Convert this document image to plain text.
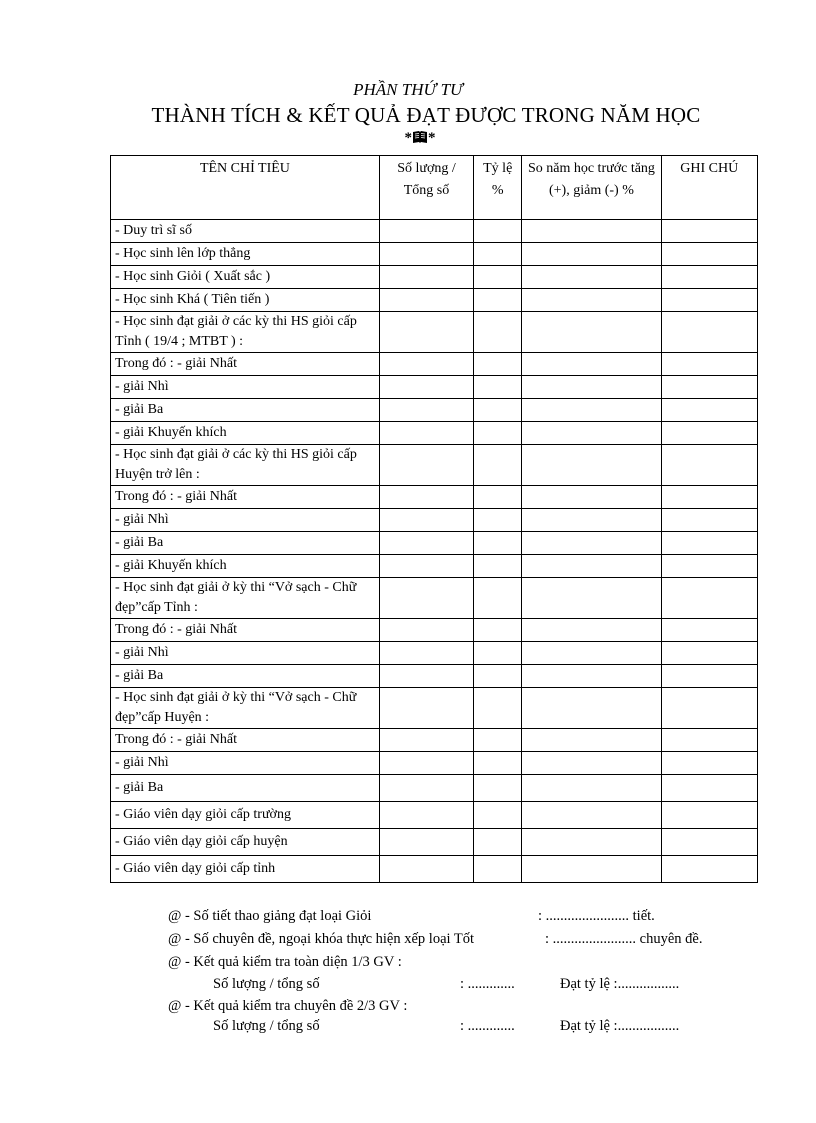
PHẦN THỨ TƯ
THÀNH TÍCH & KẾT QUẢ ĐẠT ĐƯỢC TRONG NĂM HỌC
* *
TÊN CHỈ TIÊU	Số lượng / Tổng số	Tỷ lệ %	So năm học trước tăng (+), giảm (-) %	GHI CHÚ
- Duy trì sĩ số				
- Học sinh lên lớp thẳng				
- Học sinh Giỏi ( Xuất sắc )				
- Học sinh Khá ( Tiên tiến )				
- Học sinh đạt giải ở các kỳ thi HS giỏi cấp Tỉnh ( 19/4 ; MTBT ) :				
Trong đó : - giải Nhất				
- giải Nhì				
- giải Ba				
- giải Khuyến khích				
- Học sinh đạt giải ở các kỳ thi HS giỏi cấp Huyện trở lên :				
Trong đó : - giải Nhất				
- giải Nhì				
- giải Ba				
- giải Khuyến khích				
- Học sinh đạt giải ở kỳ thi “Vở sạch - Chữ đẹp”cấp Tỉnh :				
Trong đó : - giải Nhất				
- giải Nhì				
- giải Ba				
- Học sinh đạt giải ở kỳ thi “Vở sạch - Chữ đẹp”cấp Huyện :				
Trong đó : - giải Nhất				
- giải Nhì				
- giải Ba				
- Giáo viên dạy giỏi cấp trường				
- Giáo viên dạy giỏi cấp huyện				
- Giáo viên dạy giỏi cấp tỉnh				
@ - Số tiết thao giảng đạt loại Giỏi	: ....................... tiết.
@ - Số chuyên đề, ngoại khóa thực hiện xếp loại Tốt	: ....................... chuyên đề.
@ - Kết quả kiểm tra toàn diện 1/3 GV :
Số lượng / tổng số	: .............	Đạt tỷ lệ :.................
@ - Kết quả kiểm tra chuyên đề 2/3 GV :
Số lượng / tổng số	: .............	Đạt tỷ lệ :.................
